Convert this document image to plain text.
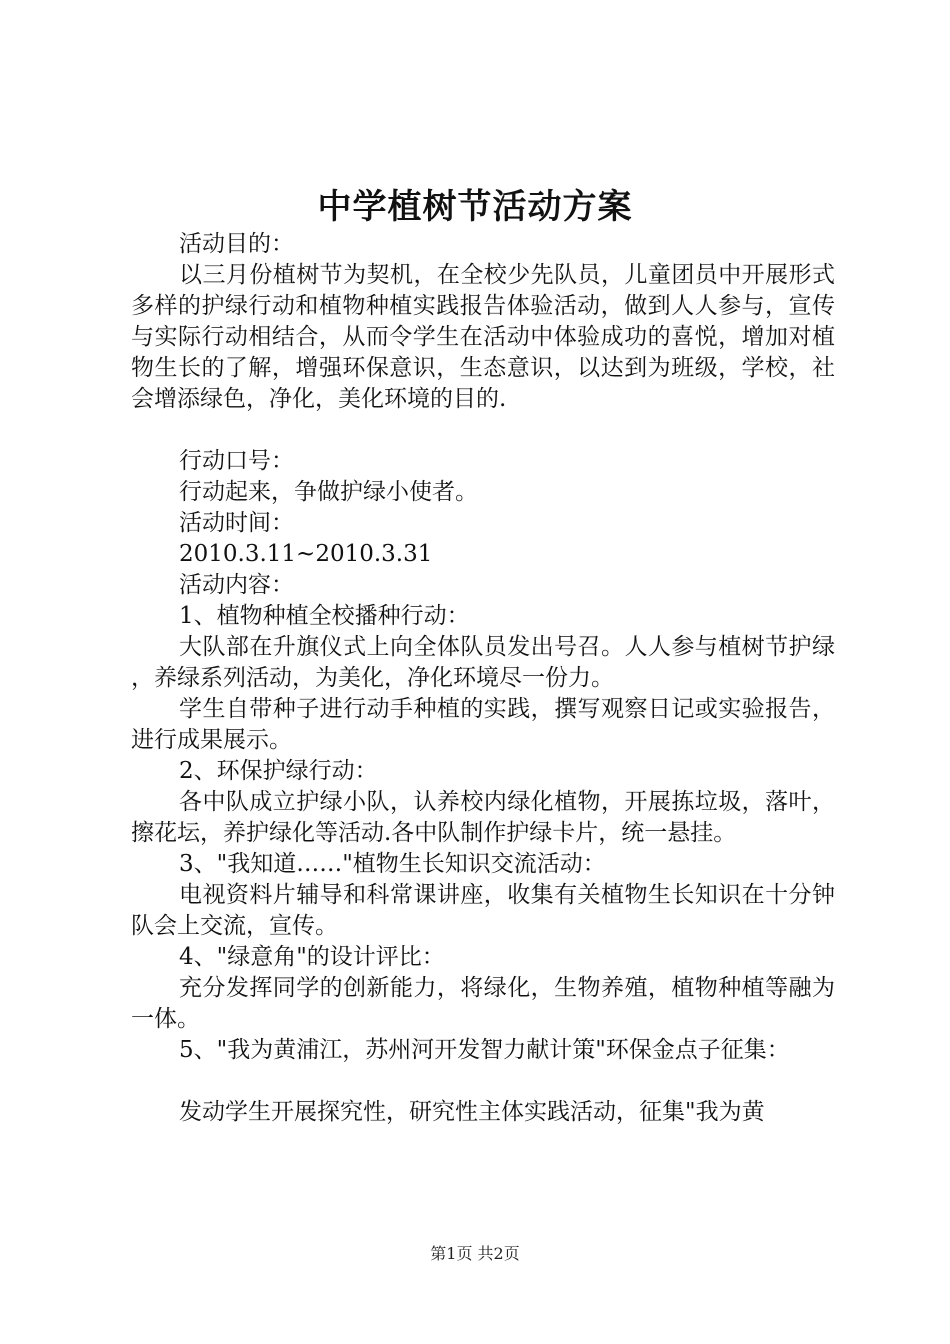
中学植树节活动方案

活动目的：

以三月份植树节为契机，在全校少先队员，儿童团员中开展形式多样的护绿行动和植物种植实践报告体验活动，做到人人参与，宣传与实际行动相结合，从而令学生在活动中体验成功的喜悦，增加对植物生长的了解，增强环保意识，生态意识，以达到为班级，学校，社会增添绿色，净化，美化环境的目的.

行动口号：

行动起来，争做护绿小使者。

活动时间：

2010.3.11~2010.3.31

活动内容：

1、植物种植全校播种行动：

大队部在升旗仪式上向全体队员发出号召。人人参与植树节护绿，养绿系列活动，为美化，净化环境尽一份力。

学生自带种子进行动手种植的实践，撰写观察日记或实验报告，进行成果展示。

2、环保护绿行动：

各中队成立护绿小队，认养校内绿化植物，开展拣垃圾，落叶，擦花坛，养护绿化等活动.各中队制作护绿卡片，统一悬挂。

3、"我知道……"植物生长知识交流活动：

电视资料片辅导和科常课讲座，收集有关植物生长知识在十分钟队会上交流，宣传。

4、"绿意角"的设计评比：

充分发挥同学的创新能力，将绿化，生物养殖，植物种植等融为一体。

5、"我为黄浦江，苏州河开发智力献计策"环保金点子征集：

发动学生开展探究性，研究性主体实践活动，征集"我为黄

第1页 共2页
